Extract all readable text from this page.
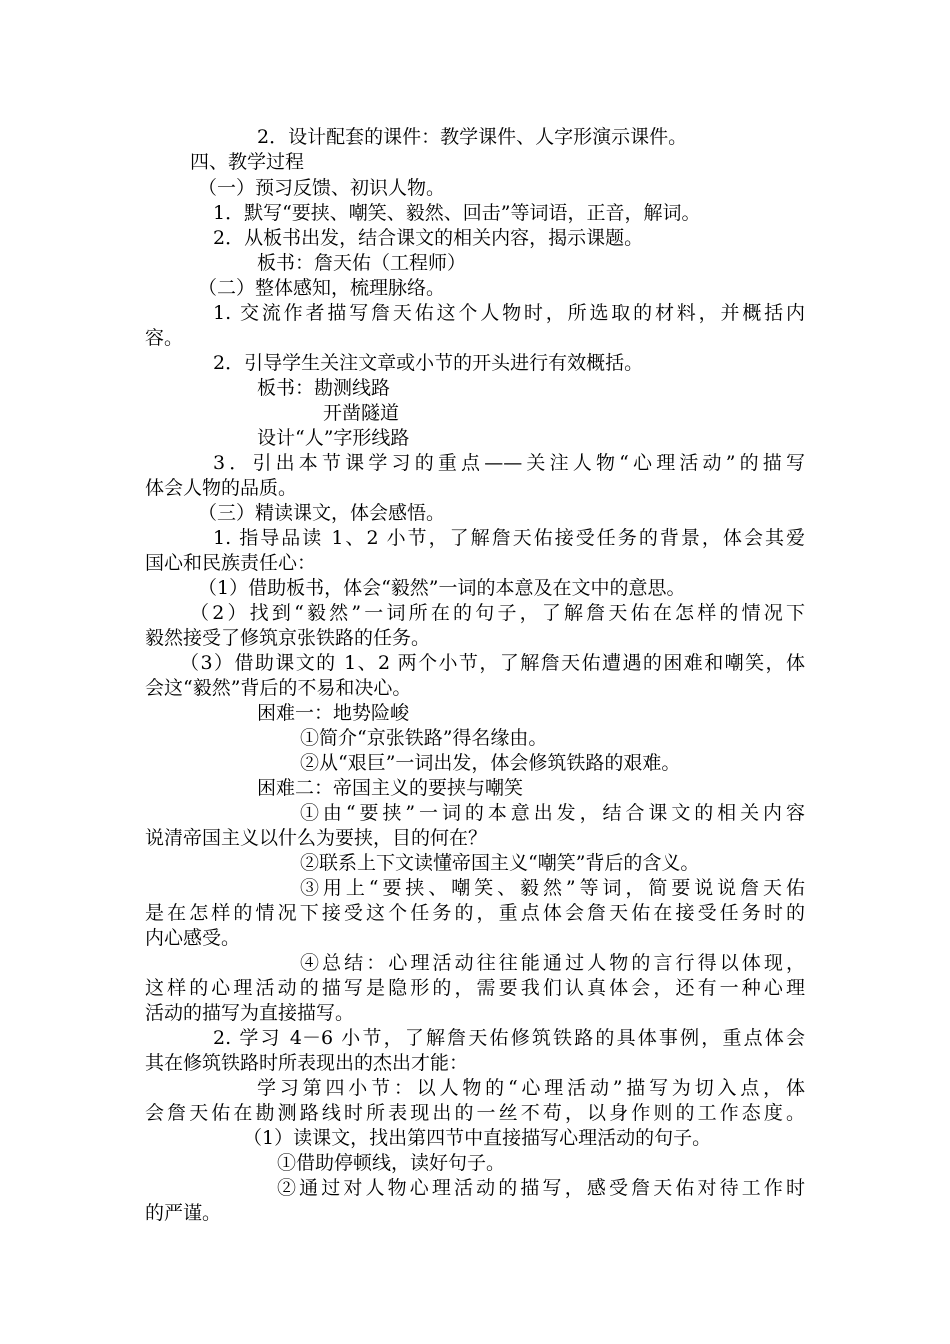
2．设计配套的课件：教学课件、人字形演示课件。
四、教学过程
（一）预习反馈、初识人物。
1．默写“要挟、嘲笑、毅然、回击”等词语，正音，解词。
2．从板书出发，结合课文的相关内容，揭示课题。
板书：詹天佑（工程师）
（二）整体感知，梳理脉络。
1. 交流作者描写詹天佑这个人物时，所选取的材料，并概括内
容。
2．引导学生关注文章或小节的开头进行有效概括。
板书：勘测线路
开凿隧道
设计“人”字形线路
3．引出本节课学习的重点——关注人物“心理活动”的描写
体会人物的品质。
（三）精读课文，体会感悟。
1. 指导品读 1、2 小节，了解詹天佑接受任务的背景，体会其爱
国心和民族责任心：
（1）借助板书，体会“毅然”一词的本意及在文中的意思。
（2）找到“毅然”一词所在的句子，了解詹天佑在怎样的情况下
毅然接受了修筑京张铁路的任务。
（3）借助课文的 1、2 两个小节，了解詹天佑遭遇的困难和嘲笑，体
会这“毅然”背后的不易和决心。
困难一：地势险峻
①简介“京张铁路”得名缘由。
②从“艰巨”一词出发，体会修筑铁路的艰难。
困难二：帝国主义的要挟与嘲笑
①由“要挟”一词的本意出发，结合课文的相关内容
说清帝国主义以什么为要挟，目的何在？
②联系上下文读懂帝国主义“嘲笑”背后的含义。
③用上“要挟、嘲笑、毅然”等词，简要说说詹天佑
是在怎样的情况下接受这个任务的，重点体会詹天佑在接受任务时的
内心感受。
④总结：心理活动往往能通过人物的言行得以体现，
这样的心理活动的描写是隐形的，需要我们认真体会，还有一种心理
活动的描写为直接描写。
2. 学习 4－6 小节，了解詹天佑修筑铁路的具体事例，重点体会
其在修筑铁路时所表现出的杰出才能：
学习第四小节：以人物的“心理活动”描写为切入点，体
会詹天佑在勘测路线时所表现出的一丝不苟，以身作则的工作态度。
（1）读课文，找出第四节中直接描写心理活动的句子。
①借助停顿线，读好句子。
②通过对人物心理活动的描写，感受詹天佑对待工作时
的严谨。
